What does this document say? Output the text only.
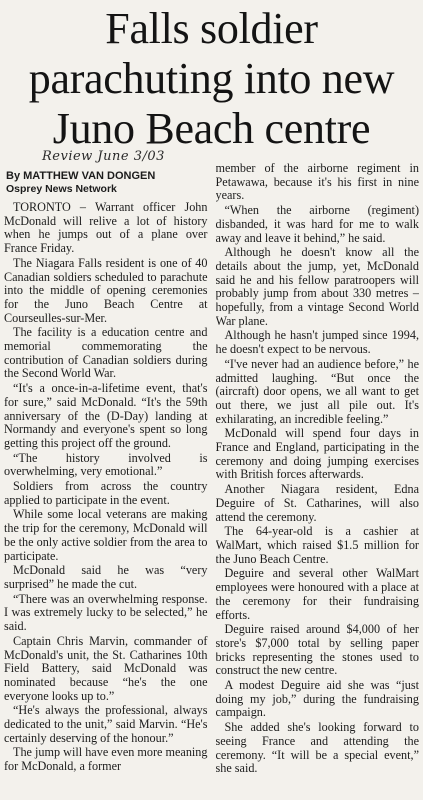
Falls soldier parachuting into new Juno Beach centre
Review June 3/03
By MATTHEW VAN DONGEN
Osprey News Network

TORONTO – Warrant officer John McDonald will relive a lot of history when he jumps out of a plane over France Friday.

The Niagara Falls resident is one of 40 Canadian soldiers scheduled to parachute into the middle of opening ceremonies for the Juno Beach Centre at Courseulles-sur-Mer.

The facility is a education centre and memorial commemorating the contribution of Canadian soldiers during the Second World War.

“It's a once-in-a-lifetime event, that's for sure,” said McDonald. “It's the 59th anniversary of the (D-Day) landing at Normandy and everyone's spent so long getting this project off the ground.

“The history involved is overwhelming, very emotional.”

Soldiers from across the country applied to participate in the event.

While some local veterans are making the trip for the ceremony, McDonald will be the only active soldier from the area to participate.

McDonald said he was “very surprised” he made the cut.

“There was an overwhelming response. I was extremely lucky to be selected,” he said.

Captain Chris Marvin, commander of McDonald's unit, the St. Catharines 10th Field Battery, said McDonald was nominated because “he's the one everyone looks up to.”

“He's always the professional, always dedicated to the unit,” said Marvin. “He's certainly deserving of the honour.”

The jump will have even more meaning for McDonald, a former

member of the airborne regiment in Petawawa, because it's his first in nine years.

“When the airborne (regiment) disbanded, it was hard for me to walk away and leave it behind,” he said.

Although he doesn't know all the details about the jump, yet, McDonald said he and his fellow paratroopers will probably jump from about 330 metres – hopefully, from a vintage Second World War plane.

Although he hasn't jumped since 1994, he doesn't expect to be nervous.

“I've never had an audience before,” he admitted laughing. “But once the (aircraft) door opens, we all want to get out there, we just all pile out. It's exhilarating, an incredible feeling.”

McDonald will spend four days in France and England, participating in the ceremony and doing jumping exercises with British forces afterwards.

Another Niagara resident, Edna Deguire of St. Catharines, will also attend the ceremony.

The 64-year-old is a cashier at WalMart, which raised $1.5 million for the Juno Beach Centre.

Deguire and several other WalMart employees were honoured with a place at the ceremony for their fundraising efforts.

Deguire raised around $4,000 of her store's $7,000 total by selling paper bricks representing the stones used to construct the new centre.

A modest Deguire aid she was “just doing my job,” during the fundraising campaign.

She added she's looking forward to seeing France and attending the ceremony. “It will be a special event,” she said.
